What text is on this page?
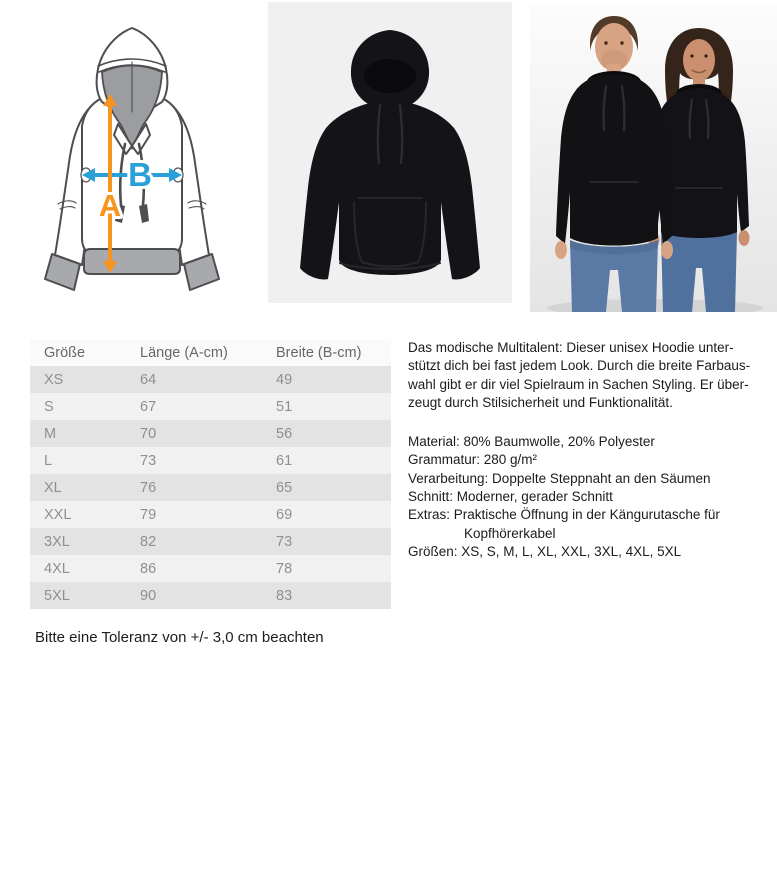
B
A
Größe	Länge (A-cm)	Breite (B-cm)
XS	64	49
S	67	51
M	70	56
L	73	61
XL	76	65
XXL	79	69
3XL	82	73
4XL	86	78
5XL	90	83
Das modische Multitalent: Dieser unisex Hoodie unter-
stützt dich bei fast jedem Look. Durch die breite Farbaus-
wahl gibt er dir viel Spielraum in Sachen Styling. Er über-
zeugt durch Stilsicherheit und Funktionalität.
Material: 80% Baumwolle, 20% Polyester
Grammatur: 280 g/m²
Verarbeitung: Doppelte Steppnaht an den Säumen
Schnitt: Moderner, gerader Schnitt
Extras: Praktische Öffnung in der Kängurutasche für
Kopfhörerkabel
Größen: XS, S, M, L, XL, XXL, 3XL, 4XL, 5XL
Bitte eine Toleranz von +/- 3,0 cm beachten
